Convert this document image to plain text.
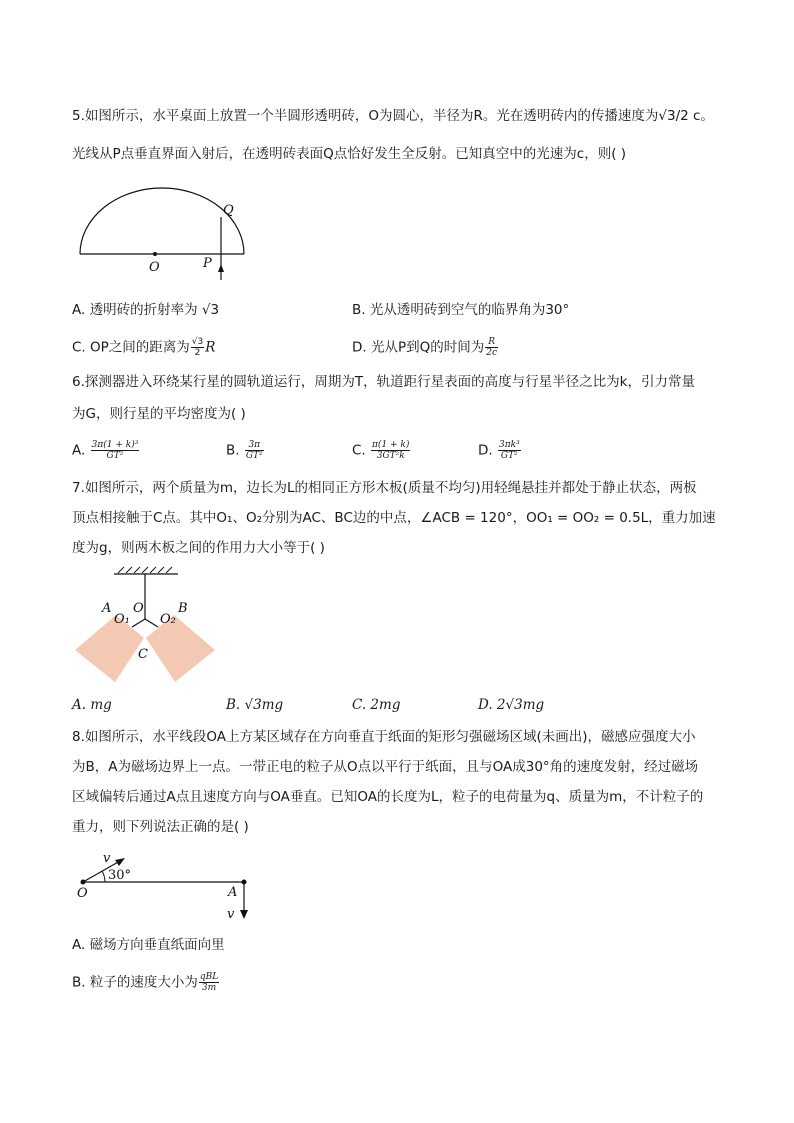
5.如图所示，水平桌面上放置一个半圆形透明砖，O为圆心，半径为R。光在透明砖内的传播速度为√3/2 c。
光线从P点垂直界面入射后，在透明砖表面Q点恰好发生全反射。已知真空中的光速为c，则( )
O	P
Q
A. 透明砖的折射率为 √3	B. 光从透明砖到空气的临界角为30°
C. OP之间的距离为 $\frac{√3}{2}$ R	D. 光从P到Q的时间为 $\frac{R}{2c}$
6.探测器进入环绕某行星的圆轨道运行，周期为T，轨道距行星表面的高度与行星半径之比为k，引力常量
为G，则行星的平均密度为( )
A. $\frac{\text{3π(1 + k)³}}{\text{GT²}}$	B. $\frac{3\pi}{\text{GT²}}$	C. $\frac{\pi(1 + k)}{\text{3GT²k}}$	D. $\frac{\text{3πk³}}{\text{GT²}}$
7.如图所示，两个质量为m，边长为L的相同正方形木板(质量不均匀)用轻绳悬挂并都处于静止状态，两板
顶点相接触于C点。其中O₁、O₂分别为AC、BC边的中点，∠ACB = 120°，OO₁ = OO₂ = 0.5L，重力加速
度为g，则两木板之间的作用力大小等于( )
A	B
O
O₁ O₂
C
A. mg	B. √3mg	C. 2mg	D. 2√3mg
8.如图所示，水平线段OA上方某区域存在方向垂直于纸面的矩形匀强磁场区域(未画出)，磁感应强度大小
为B，A为磁场边界上一点。一带正电的粒子从O点以平行于纸面，且与OA成30°角的速度发射，经过磁场
区域偏转后通过A点且速度方向与OA垂直。已知OA的长度为L，粒子的电荷量为q、质量为m，不计粒子的
重力，则下列说法正确的是( )
v
30°
O	A
v
A. 磁场方向垂直纸面向里
B. 粒子的速度大小为 $\frac{\text{qBL}}{3m}$
